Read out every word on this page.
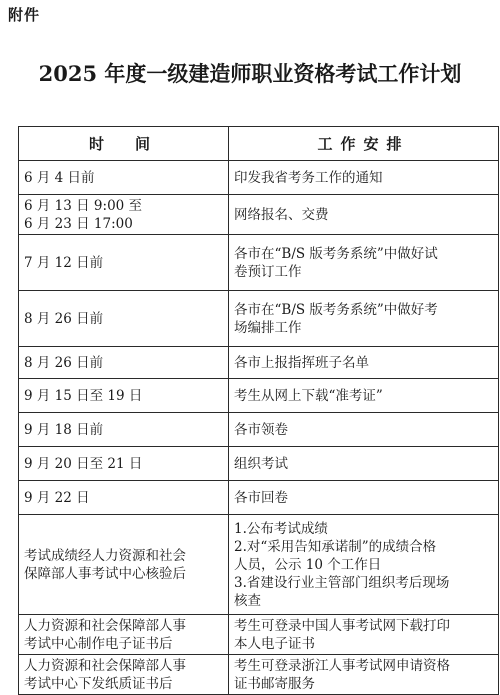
附件
2025 年度一级建造师职业资格考试工作计划
时　间	工作安排

6 月 4 日前	印发我省考务工作的通知

6 月 13 日 9:00 至
6 月 23 日 17:00	网络报名、交费

7 月 12 日前	各市在“B/S 版考务系统”中做好试
卷预订工作

8 月 26 日前	各市在“B/S 版考务系统”中做好考
场编排工作

8 月 26 日前	各市上报指挥班子名单

9 月 15 日至 19 日	考生从网上下载“准考证”

9 月 18 日前	各市领卷

9 月 20 日至 21 日	组织考试

9 月 22 日	各市回卷

考试成绩经人力资源和社会
保障部人事考试中心核验后	1.公布考试成绩
2.对“采用告知承诺制”的成绩合格
人员，公示 10 个工作日
3.省建设行业主管部门组织考后现场
核查

人力资源和社会保障部人事
考试中心制作电子证书后	考生可登录中国人事考试网下载打印
本人电子证书

人力资源和社会保障部人事
考试中心下发纸质证书后	考生可登录浙江人事考试网申请资格
证书邮寄服务
